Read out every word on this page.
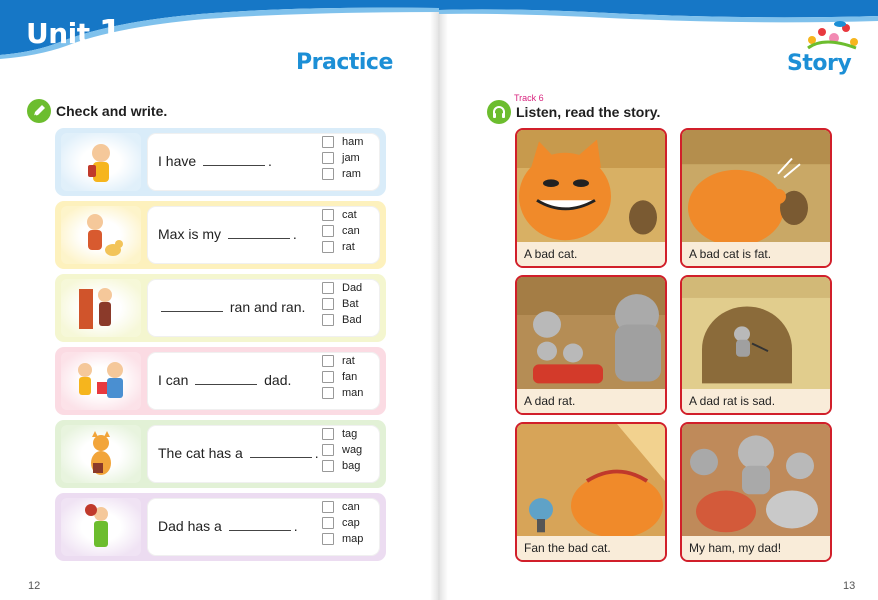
Unit 1
Practice	Story
Check and write.
Track 6
Listen, read the story.
I have	.
ham
jam
ram
Max is my	.
cat
can
rat
ran and ran.
Dad
Bat
Bad
I can	dad.
rat
fan
man
The cat has a	.
tag
wag
bag
Dad has a	.
can
cap
map
A bad cat.	A bad cat is fat.
A dad rat.	A dad rat is sad.
Fan the bad cat.	My ham, my dad!
12	13
